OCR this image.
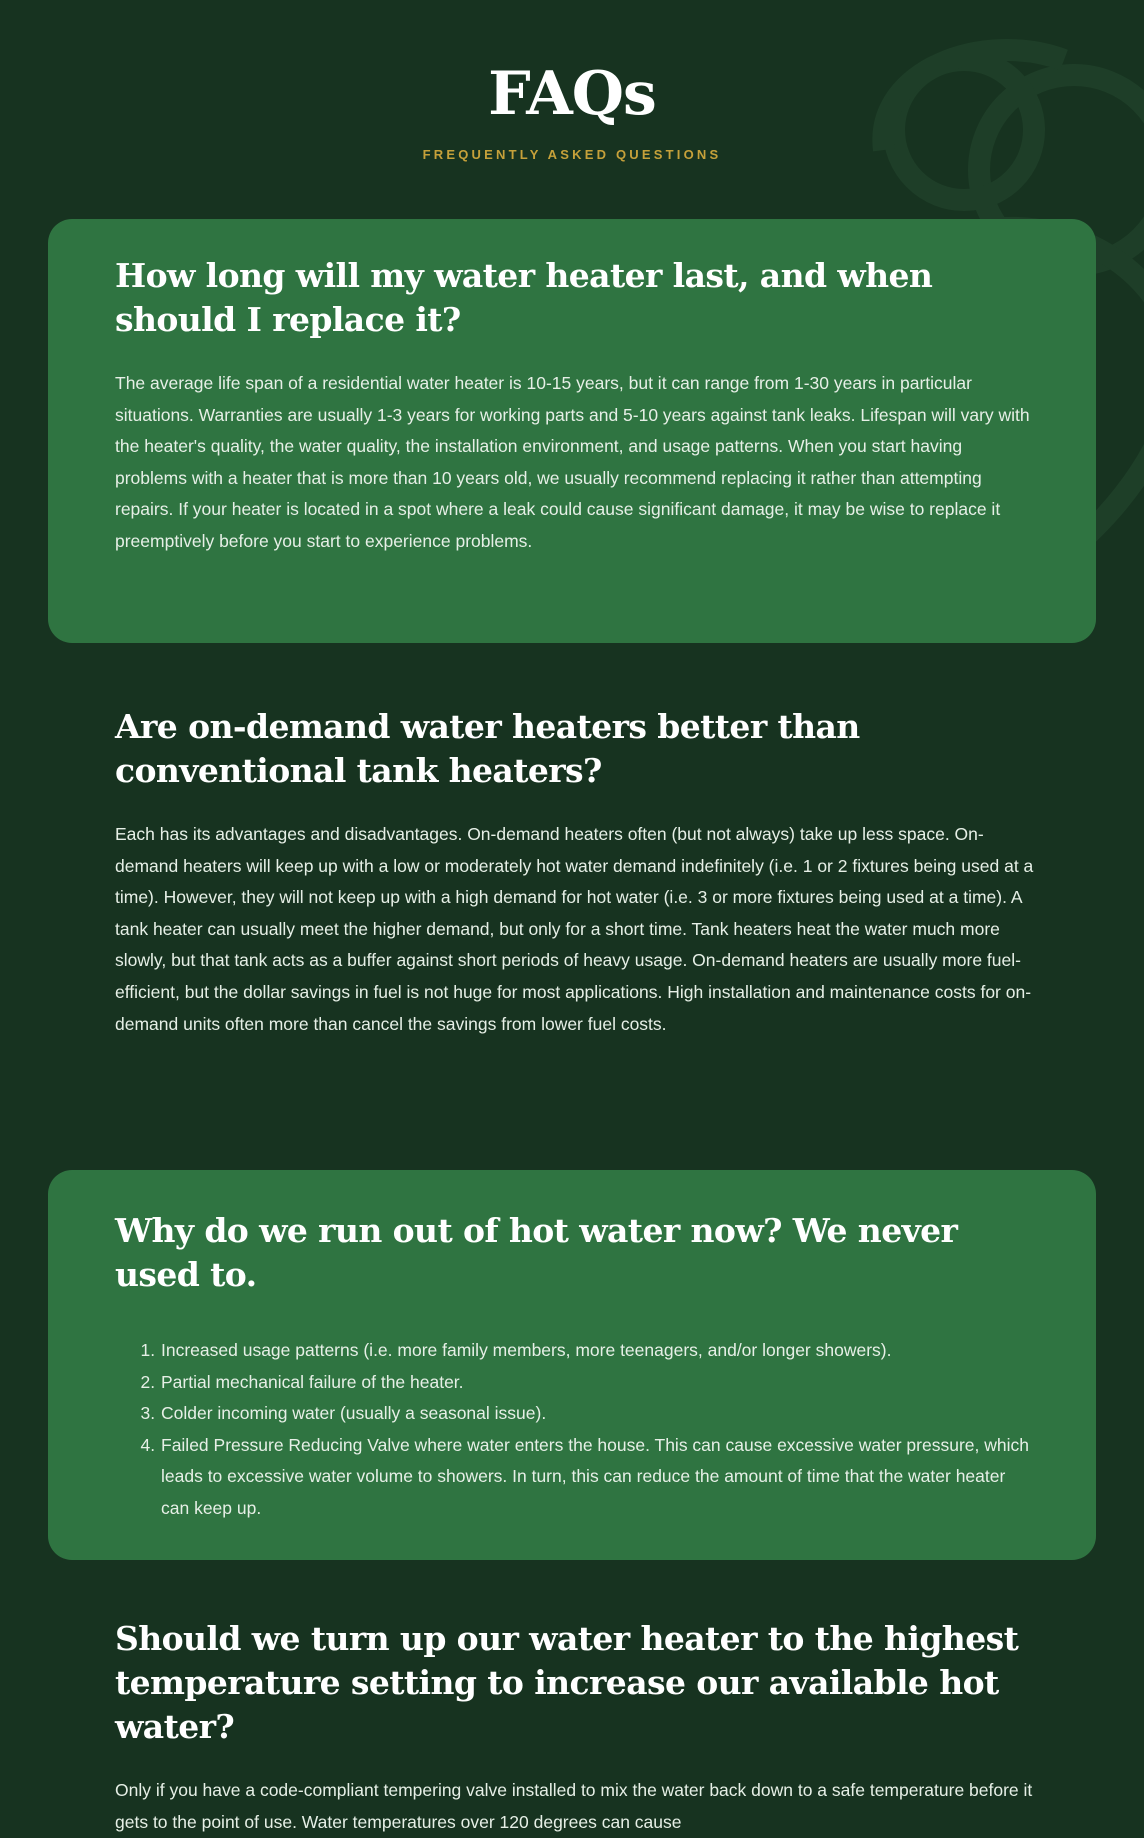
FAQs
FREQUENTLY ASKED QUESTIONS
How long will my water heater last, and when should I replace it?

The average life span of a residential water heater is 10-15 years, but it can range from 1-30 years in particular situations. Warranties are usually 1-3 years for working parts and 5-10 years against tank leaks. Lifespan will vary with the heater's quality, the water quality, the installation environment, and usage patterns. When you start having problems with a heater that is more than 10 years old, we usually recommend replacing it rather than attempting repairs. If your heater is located in a spot where a leak could cause significant damage, it may be wise to replace it preemptively before you start to experience problems.

Are on-demand water heaters better than conventional tank heaters?

Each has its advantages and disadvantages. On-demand heaters often (but not always) take up less space. On-demand heaters will keep up with a low or moderately hot water demand indefinitely (i.e. 1 or 2 fixtures being used at a time). However, they will not keep up with a high demand for hot water (i.e. 3 or more fixtures being used at a time). A tank heater can usually meet the higher demand, but only for a short time. Tank heaters heat the water much more slowly, but that tank acts as a buffer against short periods of heavy usage. On-demand heaters are usually more fuel-efficient, but the dollar savings in fuel is not huge for most applications. High installation and maintenance costs for on-demand units often more than cancel the savings from lower fuel costs.

Why do we run out of hot water now? We never used to.
1. Increased usage patterns (i.e. more family members, more teenagers, and/or longer showers).
2. Partial mechanical failure of the heater.
3. Colder incoming water (usually a seasonal issue).
4. Failed Pressure Reducing Valve where water enters the house. This can cause excessive water pressure, which leads to excessive water volume to showers. In turn, this can reduce the amount of time that the water heater can keep up.
Should we turn up our water heater to the highest temperature setting to increase our available hot water?

Only if you have a code-compliant tempering valve installed to mix the water back down to a safe temperature before it gets to the point of use. Water temperatures over 120 degrees can cause
